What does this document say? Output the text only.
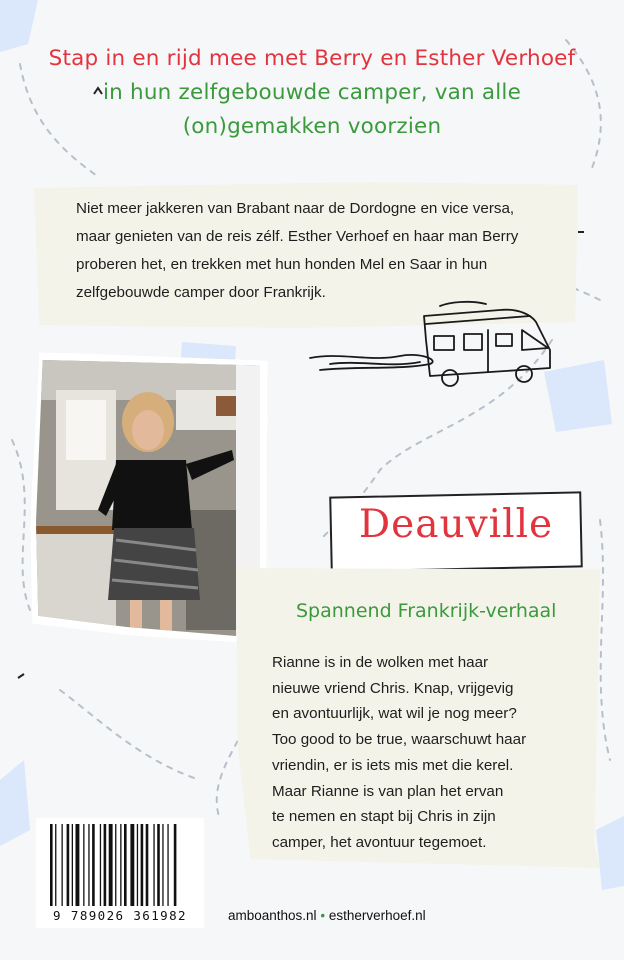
Stap in en rijd mee met Berry en Esther Verhoef
in hun zelfgebouwde camper, van alle
(on)gemakken voorzien
Niet meer jakkeren van Brabant naar de Dordogne en vice versa,
maar genieten van de reis zélf. Esther Verhoef en haar man Berry
proberen het, en trekken met hun honden Mel en Saar in hun
zelfgebouwde camper door Frankrijk.
Deauville
Spannend Frankrijk-verhaal
Rianne is in de wolken met haar
nieuwe vriend Chris. Knap, vrijgevig
en avontuurlijk, wat wil je nog meer?
Too good to be true, waarschuwt haar
vriendin, er is iets mis met die kerel.
Maar Rianne is van plan het ervan
te nemen en stapt bij Chris in zijn
camper, het avontuur tegemoet.
9 789026 361982	amboanthos.nl • estherverhoef.nl
